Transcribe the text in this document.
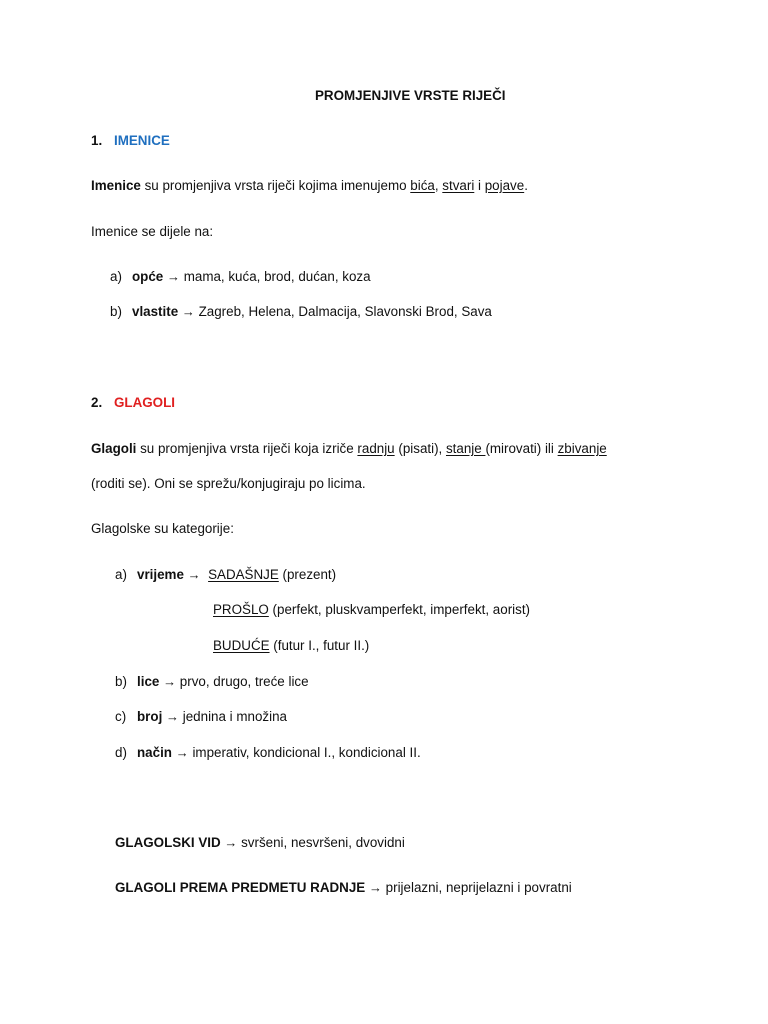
PROMJENJIVE VRSTE RIJEČI
1. IMENICE
Imenice su promjenjiva vrsta riječi kojima imenujemo bića, stvari i pojave.
Imenice se dijele na:
a) opće → mama, kuća, brod, dućan, koza
b) vlastite → Zagreb, Helena, Dalmacija, Slavonski Brod, Sava
2. GLAGOLI
Glagoli su promjenjiva vrsta riječi koja izriče radnju (pisati), stanje (mirovati) ili zbivanje
(roditi se). Oni se sprežu/konjugiraju po licima.
Glagolske su kategorije:
a) vrijeme → SADAŠNJE (prezent)
PROŠLO (perfekt, pluskvamperfekt, imperfekt, aorist)
BUDUĆE (futur I., futur II.)
b) lice → prvo, drugo, treće lice
c) broj → jednina i množina
d) način → imperativ, kondicional I., kondicional II.
GLAGOLSKI VID → svršeni, nesvršeni, dvovidni
GLAGOLI PREMA PREDMETU RADNJE → prijelazni, neprijelazni i povratni
